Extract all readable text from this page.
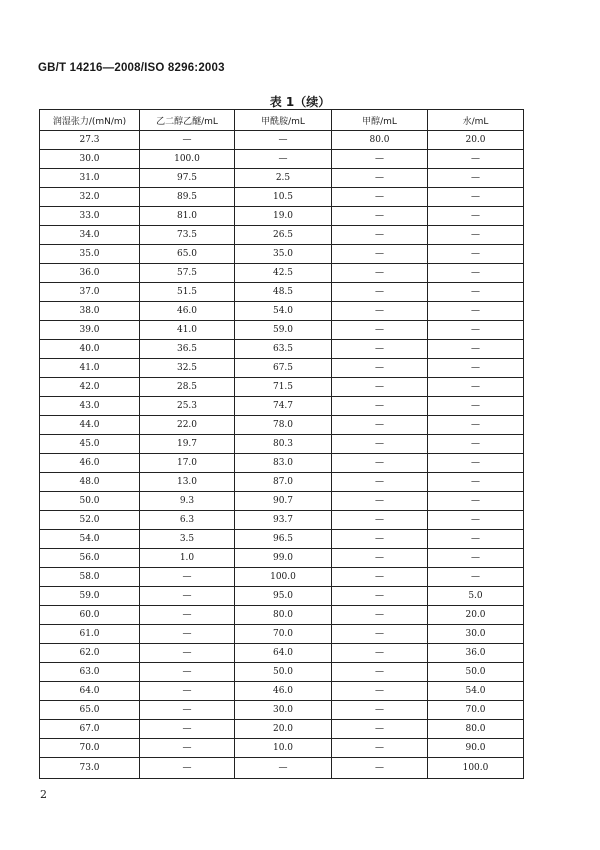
GB/T 14216—2008/ISO 8296:2003
表 1（续）
润湿张力/(mN/m)	乙二醇乙醚/mL	甲酰胺/mL	甲醇/mL	水/mL
27.3	—	—	80.0	20.0
30.0	100.0	—	—	—
31.0	97.5	2.5	—	—
32.0	89.5	10.5	—	—
33.0	81.0	19.0	—	—
34.0	73.5	26.5	—	—
35.0	65.0	35.0	—	—
36.0	57.5	42.5	—	—
37.0	51.5	48.5	—	—
38.0	46.0	54.0	—	—
39.0	41.0	59.0	—	—
40.0	36.5	63.5	—	—
41.0	32.5	67.5	—	—
42.0	28.5	71.5	—	—
43.0	25.3	74.7	—	—
44.0	22.0	78.0	—	—
45.0	19.7	80.3	—	—
46.0	17.0	83.0	—	—
48.0	13.0	87.0	—	—
50.0	9.3	90.7	—	—
52.0	6.3	93.7	—	—
54.0	3.5	96.5	—	—
56.0	1.0	99.0	—	—
58.0	—	100.0	—	—
59.0	—	95.0	—	5.0
60.0	—	80.0	—	20.0
61.0	—	70.0	—	30.0
62.0	—	64.0	—	36.0
63.0	—	50.0	—	50.0
64.0	—	46.0	—	54.0
65.0	—	30.0	—	70.0
67.0	—	20.0	—	80.0
70.0	—	10.0	—	90.0
73.0	—	—	—	100.0
2
